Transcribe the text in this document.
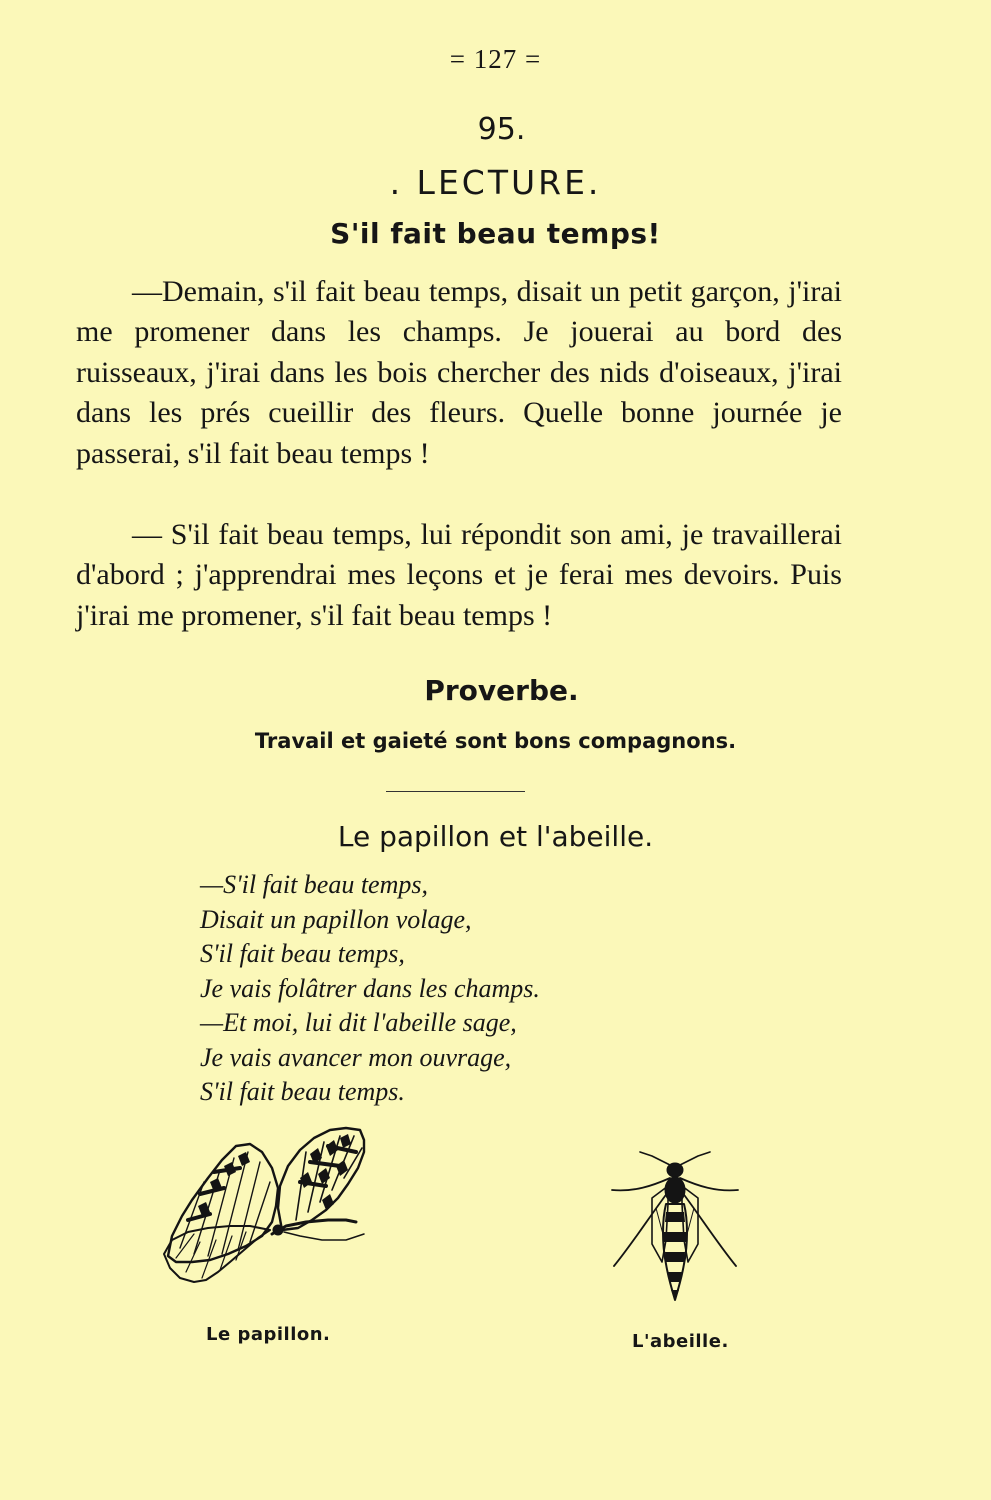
= 127 =
95.
. LECTURE.
S'il fait beau temps!

—Demain, s'il fait beau temps, disait un petit garçon, j'irai me promener dans les champs. Je jouerai au bord des ruisseaux, j'irai dans les bois chercher des nids d'oiseaux, j'irai dans les prés cueillir des fleurs. Quelle bonne journée je passerai, s'il fait beau temps !

— S'il fait beau temps, lui répondit son ami, je travaillerai d'abord ; j'apprendrai mes leçons et je ferai mes devoirs. Puis j'irai me promener, s'il fait beau temps !

Proverbe.
Travail et gaieté sont bons compagnons.
Le papillon et l'abeille.
—S'il fait beau temps,
Disait un papillon volage,
S'il fait beau temps,
Je vais folâtrer dans les champs.
—Et moi, lui dit l'abeille sage,
Je vais avancer mon ouvrage,
S'il fait beau temps.
Le papillon.	L'abeille.
